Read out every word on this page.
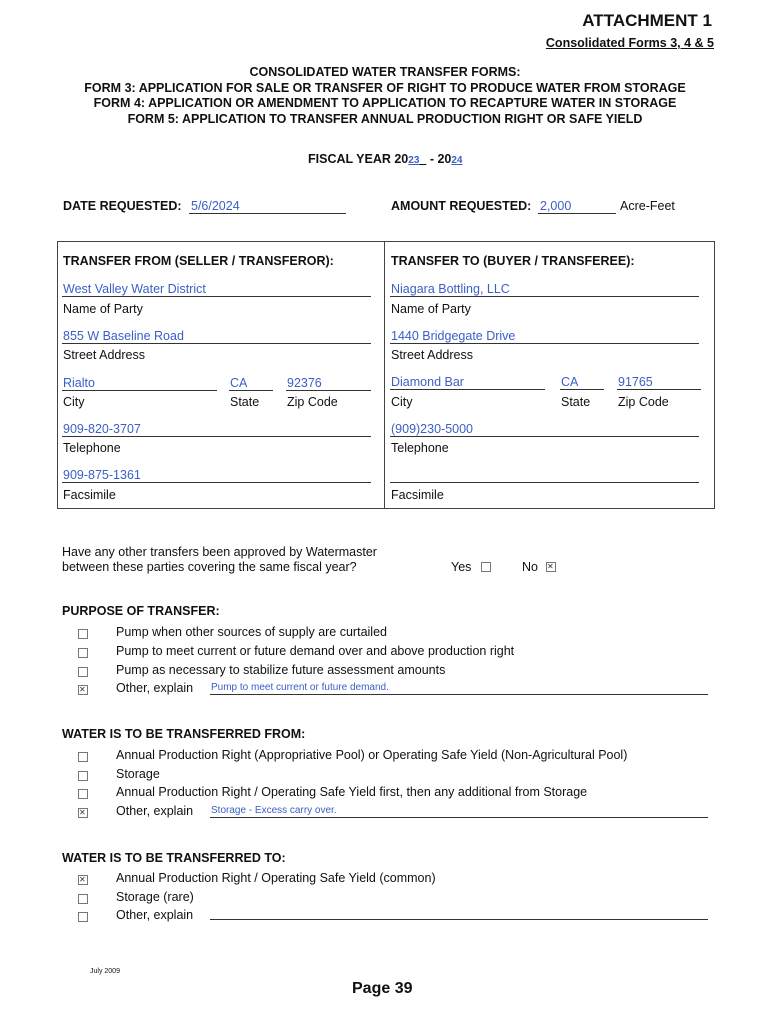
ATTACHMENT 1
Consolidated Forms 3, 4 & 5
CONSOLIDATED WATER TRANSFER FORMS:
FORM 3: APPLICATION FOR SALE OR TRANSFER OF RIGHT TO PRODUCE WATER FROM STORAGE
FORM 4: APPLICATION OR AMENDMENT TO APPLICATION TO RECAPTURE WATER IN STORAGE
FORM 5: APPLICATION TO TRANSFER ANNUAL PRODUCTION RIGHT OR SAFE YIELD
FISCAL YEAR 2023   - 2024
DATE REQUESTED: 5/6/2024	AMOUNT REQUESTED: 2,000	Acre-Feet
TRANSFER FROM (SELLER / TRANSFEROR):
West Valley Water District
Name of Party
855 W Baseline Road
Street Address
Rialto	CA	92376
City	State Zip Code
909-820-3707
Telephone
909-875-1361
Facsimile
TRANSFER TO (BUYER / TRANSFEREE):
Niagara Bottling, LLC
Name of Party
1440 Bridgegate Drive
Street Address
Diamond Bar	CA	91765
City	State Zip Code
(909)230-5000
Telephone
Facsimile
Have any other transfers been approved by Watermaster
between these parties covering the same fiscal year?	Yes	No
✕
PURPOSE OF TRANSFER:
Pump when other sources of supply are curtailed
Pump to meet current or future demand over and above production right
Pump as necessary to stabilize future assessment amounts
✕
Other, explain Pump to meet current or future demand.
WATER IS TO BE TRANSFERRED FROM:
Annual Production Right (Appropriative Pool) or Operating Safe Yield (Non-Agricultural Pool)
Storage
Annual Production Right / Operating Safe Yield first, then any additional from Storage
✕
Other, explain Storage - Excess carry over.
WATER IS TO BE TRANSFERRED TO:
✕
Annual Production Right / Operating Safe Yield (common)
Storage (rare)
Other, explain
July 2009
Page 39
